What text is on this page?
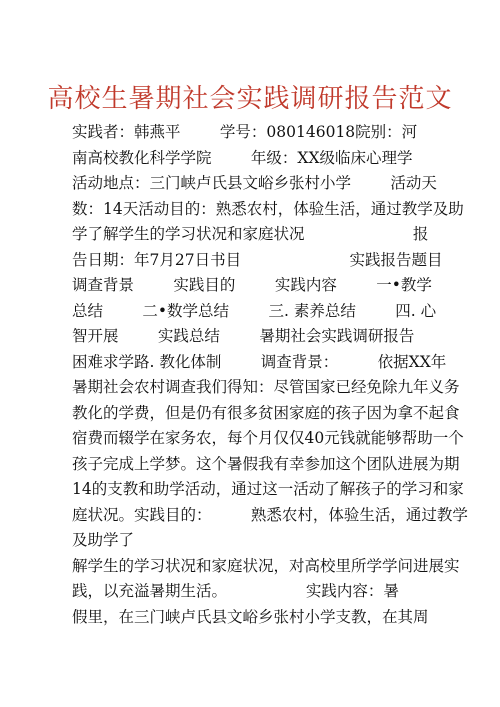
高校生暑期社会实践调研报告范文
实践者：韩燕平        学号：080146018院别：河
南高校教化科学学院        年级：XX级临床心理学
活动地点：三门峡卢氏县文峪乡张村小学        活动天
数：14天活动目的：熟悉农村，体验生活，通过教学及助
学了解学生的学习状况和家庭状况                      报
告日期：年7月27日书目                      实践报告题目
调查背景        实践目的        实践内容        一•教学
总结        二•数学总结        三. 素养总结        四. 心
智开展        实践总结        暑期社会实践调研报告
困难求学路. 教化体制        调查背景：        依据XX年
暑期社会农村调查我们得知：尽管国家已经免除九年义务
教化的学费，但是仍有很多贫困家庭的孩子因为拿不起食
宿费而辍学在家务农，每个月仅仅40元钱就能够帮助一个
孩子完成上学梦。这个暑假我有幸参加这个团队进展为期
14的支教和助学活动，通过这一活动了解孩子的学习和家
庭状况。实践目的：        熟悉农村，体验生活，通过教学
及助学了
解学生的学习状况和家庭状况，对高校里所学学问进展实
践，以充溢暑期生活。                实践内容：暑
假里，在三门峡卢氏县文峪乡张村小学支教，在其周
